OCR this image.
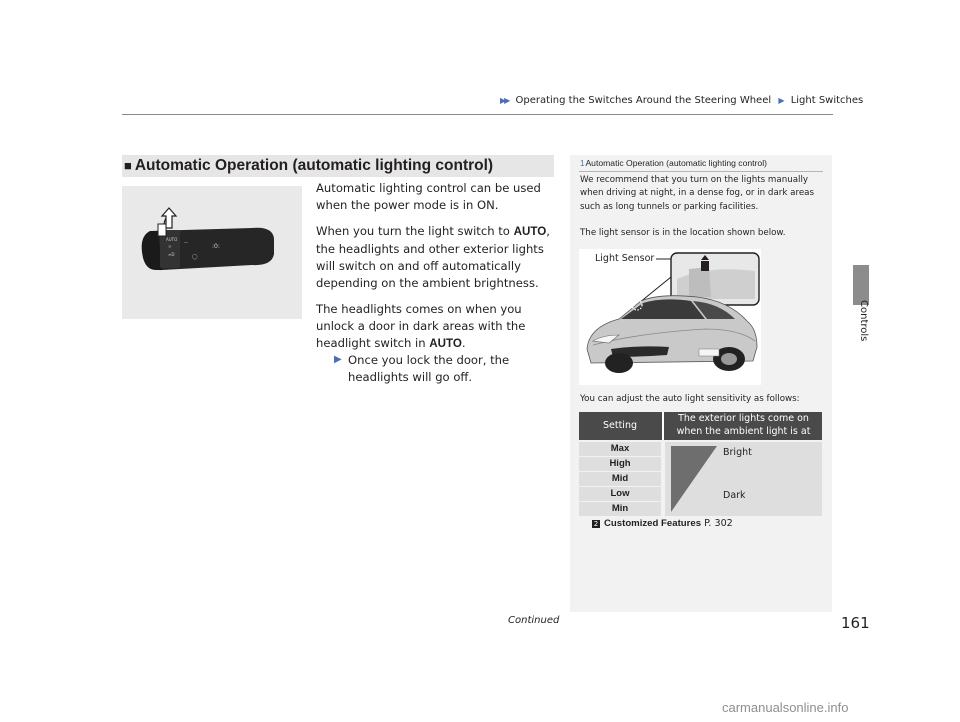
▶▶ Operating the Switches Around the Steering Wheel ▶ Light Switches
Controls
■ Automatic Operation (automatic lighting control)
AUTO
☼
≡D
—
:0:
◯

Automatic lighting control can be used when the power mode is in ON.

When you turn the light switch to AUTO, the headlights and other exterior lights will switch on and off automatically depending on the ambient brightness.

The headlights comes on when you unlock a door in dark areas with the headlight switch in AUTO.

▶ Once you lock the door, the headlights will go off.
1Automatic Operation (automatic lighting control)
We recommend that you turn on the lights manually when driving at night, in a dense fog, or in dark areas such as long tunnels or parking facilities.
The light sensor is in the location shown below.
Light Sensor
You can adjust the auto light sensitivity as follows:
Setting
The exterior lights come on
when the ambient light is at
Max
High
Mid
Low
Min
Bright
Dark
2 Customized Features P. 302
Continued	161
carmanualsonline.info
